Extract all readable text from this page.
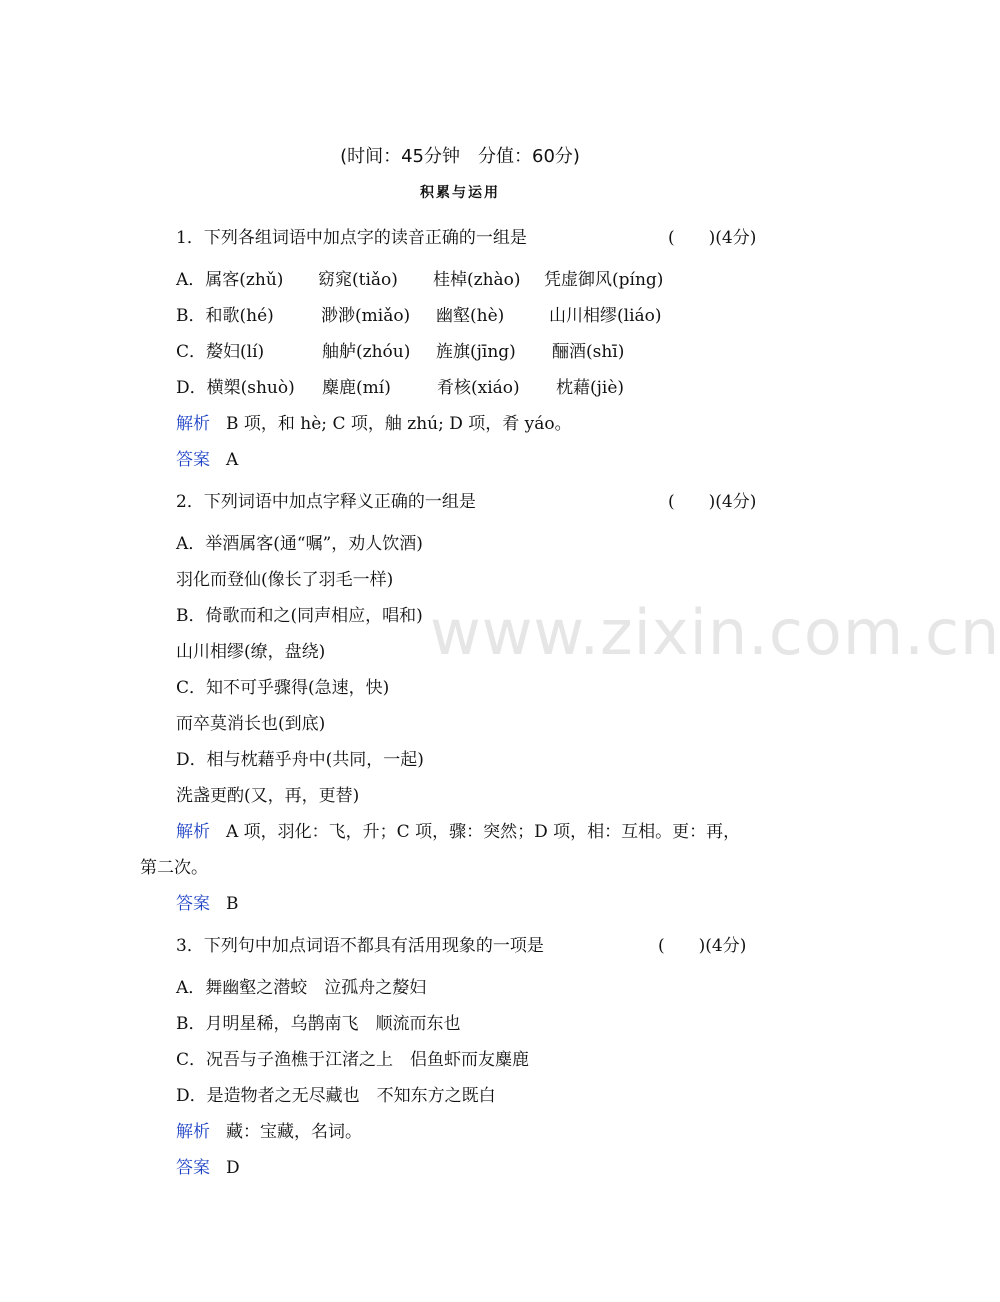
www.zixin.com.cn
(时间：45分钟　分值：60分)
积累与运用
1．下列各组词语中加点字的读音正确的一组是	(　　)(4分)
A．属客(zhǔ) 窈窕(tiǎo) 桂棹(zhào) 凭虚御风(píng)
B．和歌(hé)	渺渺(miǎo) 幽壑(hè)	山川相缪(liáo)
C．嫠妇(lí)	舳舻(zhóu) 旌旗(jīng) 酾酒(shī)
D．横槊(shuò) 麋鹿(mí)	肴核(xiáo) 枕藉(jiè)
解析 B 项，和 hè; C 项，舳 zhú; D 项，肴 yáo。
答案 A
2．下列词语中加点字释义正确的一组是	(　　)(4分)
A．举酒属客(通“嘱”，劝人饮酒)
羽化而登仙(像长了羽毛一样)
B．倚歌而和之(同声相应，唱和)
山川相缪(缭，盘绕)
C．知不可乎骤得(急速，快)
而卒莫消长也(到底)
D．相与枕藉乎舟中(共同，一起)
洗盏更酌(又，再，更替)
解析 A 项，羽化：飞，升；C 项，骤：突然；D 项，相：互相。更：再，
第二次。
答案 B
3．下列句中加点词语不都具有活用现象的一项是	(　　)(4分)
A．舞幽壑之潜蛟　泣孤舟之嫠妇
B．月明星稀，乌鹊南飞　顺流而东也
C．况吾与子渔樵于江渚之上　侣鱼虾而友麋鹿
D．是造物者之无尽藏也　不知东方之既白
解析 藏：宝藏，名词。
答案 D
